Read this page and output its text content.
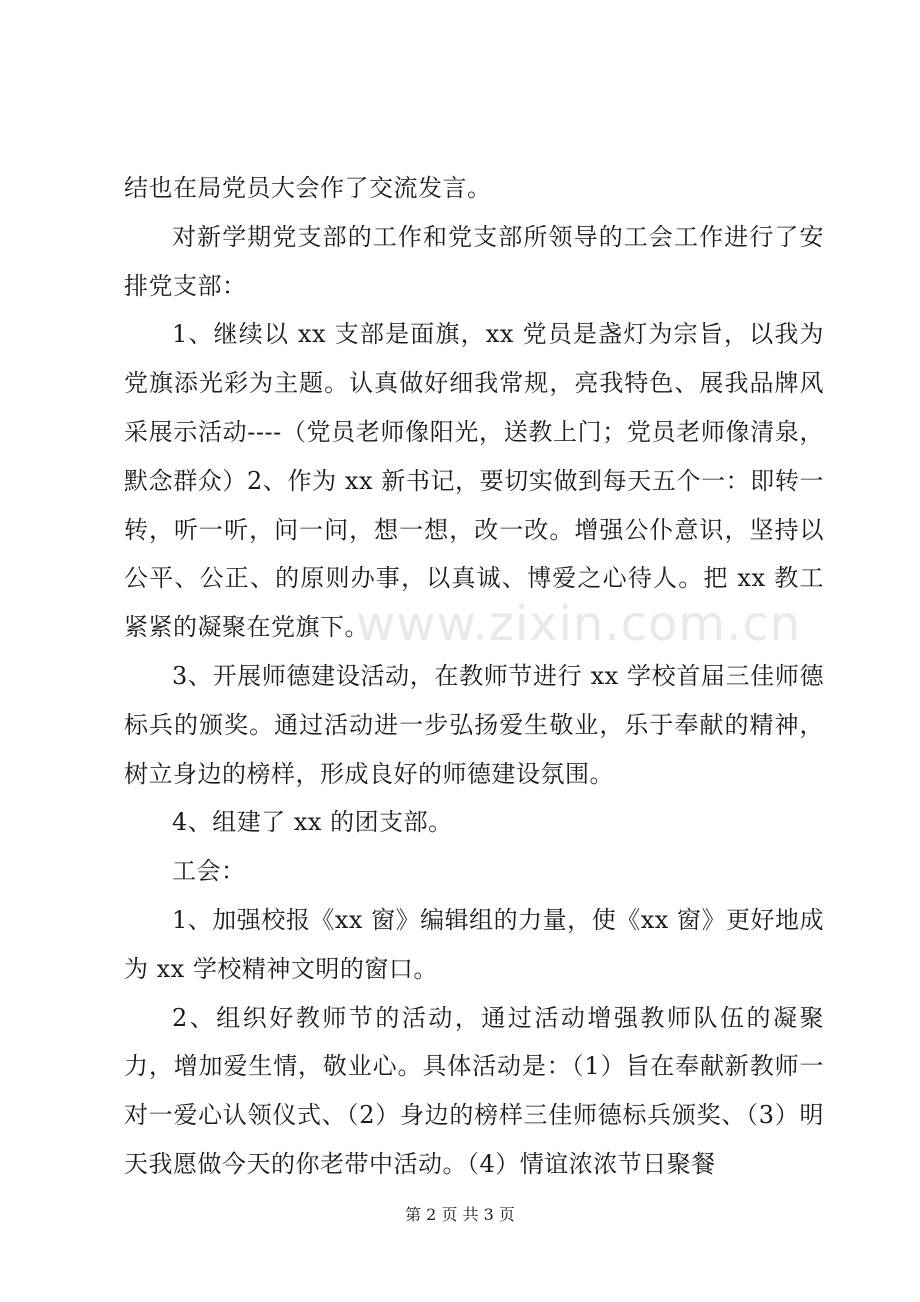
结也在局党员大会作了交流发言。

对新学期党支部的工作和党支部所领导的工会工作进行了安排党支部：

1、继续以 xx 支部是面旗，xx 党员是盏灯为宗旨，以我为党旗添光彩为主题。认真做好细我常规，亮我特色、展我品牌风采展示活动----（党员老师像阳光，送教上门；党员老师像清泉，默念群众）2、作为 xx 新书记，要切实做到每天五个一：即转一转，听一听，问一问，想一想，改一改。增强公仆意识，坚持以公平、公正、的原则办事，以真诚、博爱之心待人。把 xx 教工紧紧的凝聚在党旗下。

3、开展师德建设活动，在教师节进行 xx 学校首届三佳师德标兵的颁奖。通过活动进一步弘扬爱生敬业，乐于奉献的精神，树立身边的榜样，形成良好的师德建设氛围。

4、组建了 xx 的团支部。

工会：

1、加强校报《xx 窗》编辑组的力量，使《xx 窗》更好地成为 xx 学校精神文明的窗口。

2、组织好教师节的活动，通过活动增强教师队伍的凝聚力，增加爱生情，敬业心。具体活动是：（1）旨在奉献新教师一对一爱心认领仪式、（2）身边的榜样三佳师德标兵颁奖、（3）明天我愿做今天的你老带中活动。（4）情谊浓浓节日聚餐

www.zixin.com.cn
第 2 页 共 3 页
